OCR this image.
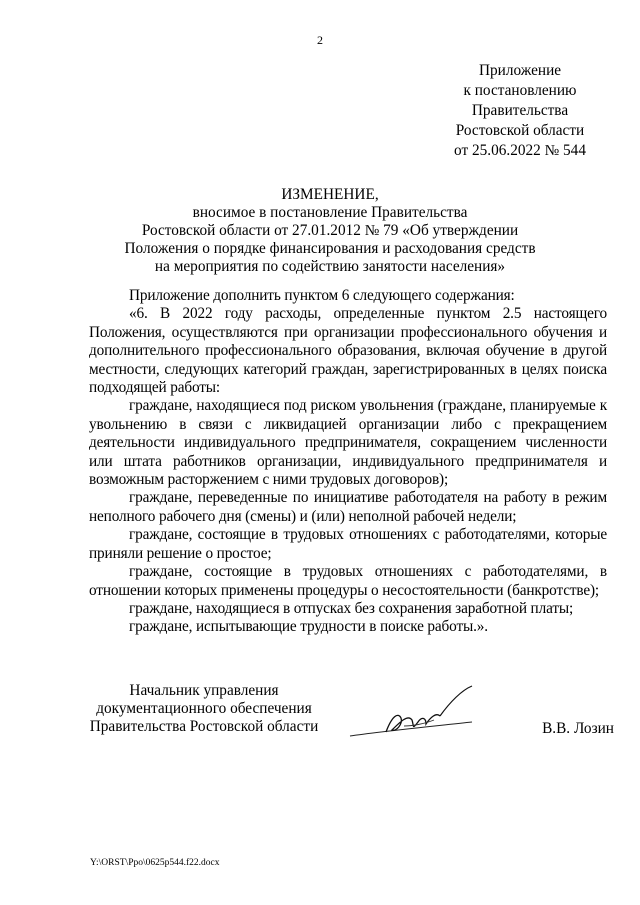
2
Приложение
к постановлению
Правительства
Ростовской области
от 25.06.2022 № 544
ИЗМЕНЕНИЕ,
вносимое в постановление Правительства
Ростовской области от 27.01.2012 № 79 «Об утверждении
Положения о порядке финансирования и расходования средств
на мероприятия по содействию занятости населения»

Приложение дополнить пунктом 6 следующего содержания:

«6. В 2022 году расходы, определенные пунктом 2.5 настоящего Положения, осуществляются при организации профессионального обучения и дополнительного профессионального образования, включая обучение в другой местности, следующих категорий граждан, зарегистрированных в целях поиска подходящей работы:

граждане, находящиеся под риском увольнения (граждане, планируемые к увольнению в связи с ликвидацией организации либо с прекращением деятельности индивидуального предпринимателя, сокращением численности или штата работников организации, индивидуального предпринимателя и возможным расторжением с ними трудовых договоров);

граждане, переведенные по инициативе работодателя на работу в режим неполного рабочего дня (смены) и (или) неполной рабочей недели;

граждане, состоящие в трудовых отношениях с работодателями, которые приняли решение о простое;

граждане, состоящие в трудовых отношениях с работодателями, в отношении которых применены процедуры о несостоятельности (банкротстве);

граждане, находящиеся в отпусках без сохранения заработной платы;

граждане, испытывающие трудности в поиске работы.».

Начальник управления
документационного обеспечения
Правительства Ростовской области	В.В. Лозин
Y:\ORST\Ppo\0625p544.f22.docx
